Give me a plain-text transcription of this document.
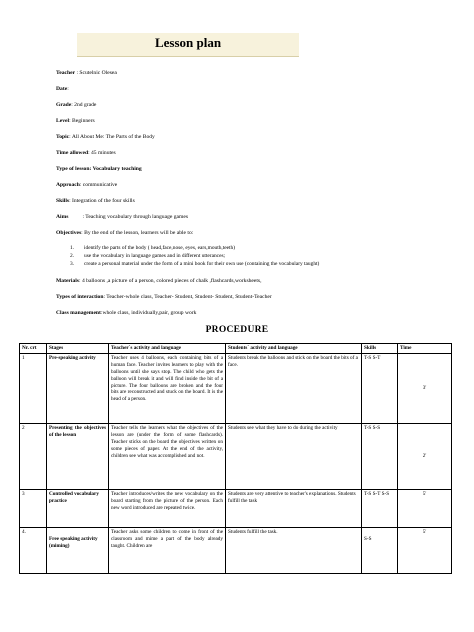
Lesson plan
Teacher : Scutelnic Olesea
Date:
Grade: 2nd grade
Level: Beginners
Topic: All About Me: The Parts of the Body
Time allowed: 45 minutes
Type of lesson: Vocabulary teaching
Approach: communicative
Skills: Integration of the four skills
Aims	: Teaching vocabulary through language games
Objectives: By the end of the lesson, learners will be able to:
1. identify the parts of the body ( head,face,nose, eyes, ears,mouth,teeth)
2. use the vocabulary in language games and in different utterances;
3. create a personal material under the form of a mini book for their own use (containing the vocabulary taught)
Materials: 4 balloons ,a picture of a person, colored pieces of chalk ,flashcards,worksheets,
Types of interaction: Teacher-whole class, Teacher- Student, Student- Student, Student-Teacher
Class management:whole class, individually,pair, group work
PROCEDURE
Nr. crt	Stages	Teacher`s activity and language	Students` activity and language	Skills	Time
1	Pre-speaking activity	Teacher uses 4 balloons, each containing bits of a human face. Teacher invites learners to play with the balloons until she says stop. The child who gets the balloon will break it and will find inside the bit of a picture. The four balloons are broken and the four bits are reconstructed and stuck on the board. It is the head of a person.	Students break the balloons and stick on the board the bits of a face.	T-S S-T	3'
2	Presenting the objectives of the lesson	Teacher tells the learners what the objectives of the lesson are (under the form of some flashcards). Teacher sticks on the board the objectives written on some pieces of paper. At the end of the activity, children see what was accomplished and not.	Students see what they have to do during the activity	T-S S-S	2'
3	Controlled vocabulary practice	Teacher introduces/writes the new vocabulary on the board starting from the picture of the person. Each new word introduced are repeated twice.	Students are very attentive to teacher's explanations. Students fulfill the task	T-S S-T S-S	5'
4.	Free speaking activity (miming)	Teacher asks some children to come in front of the classroom and mime a part of the body already taught. Children are	Students fulfill the task.	S-S	5'
